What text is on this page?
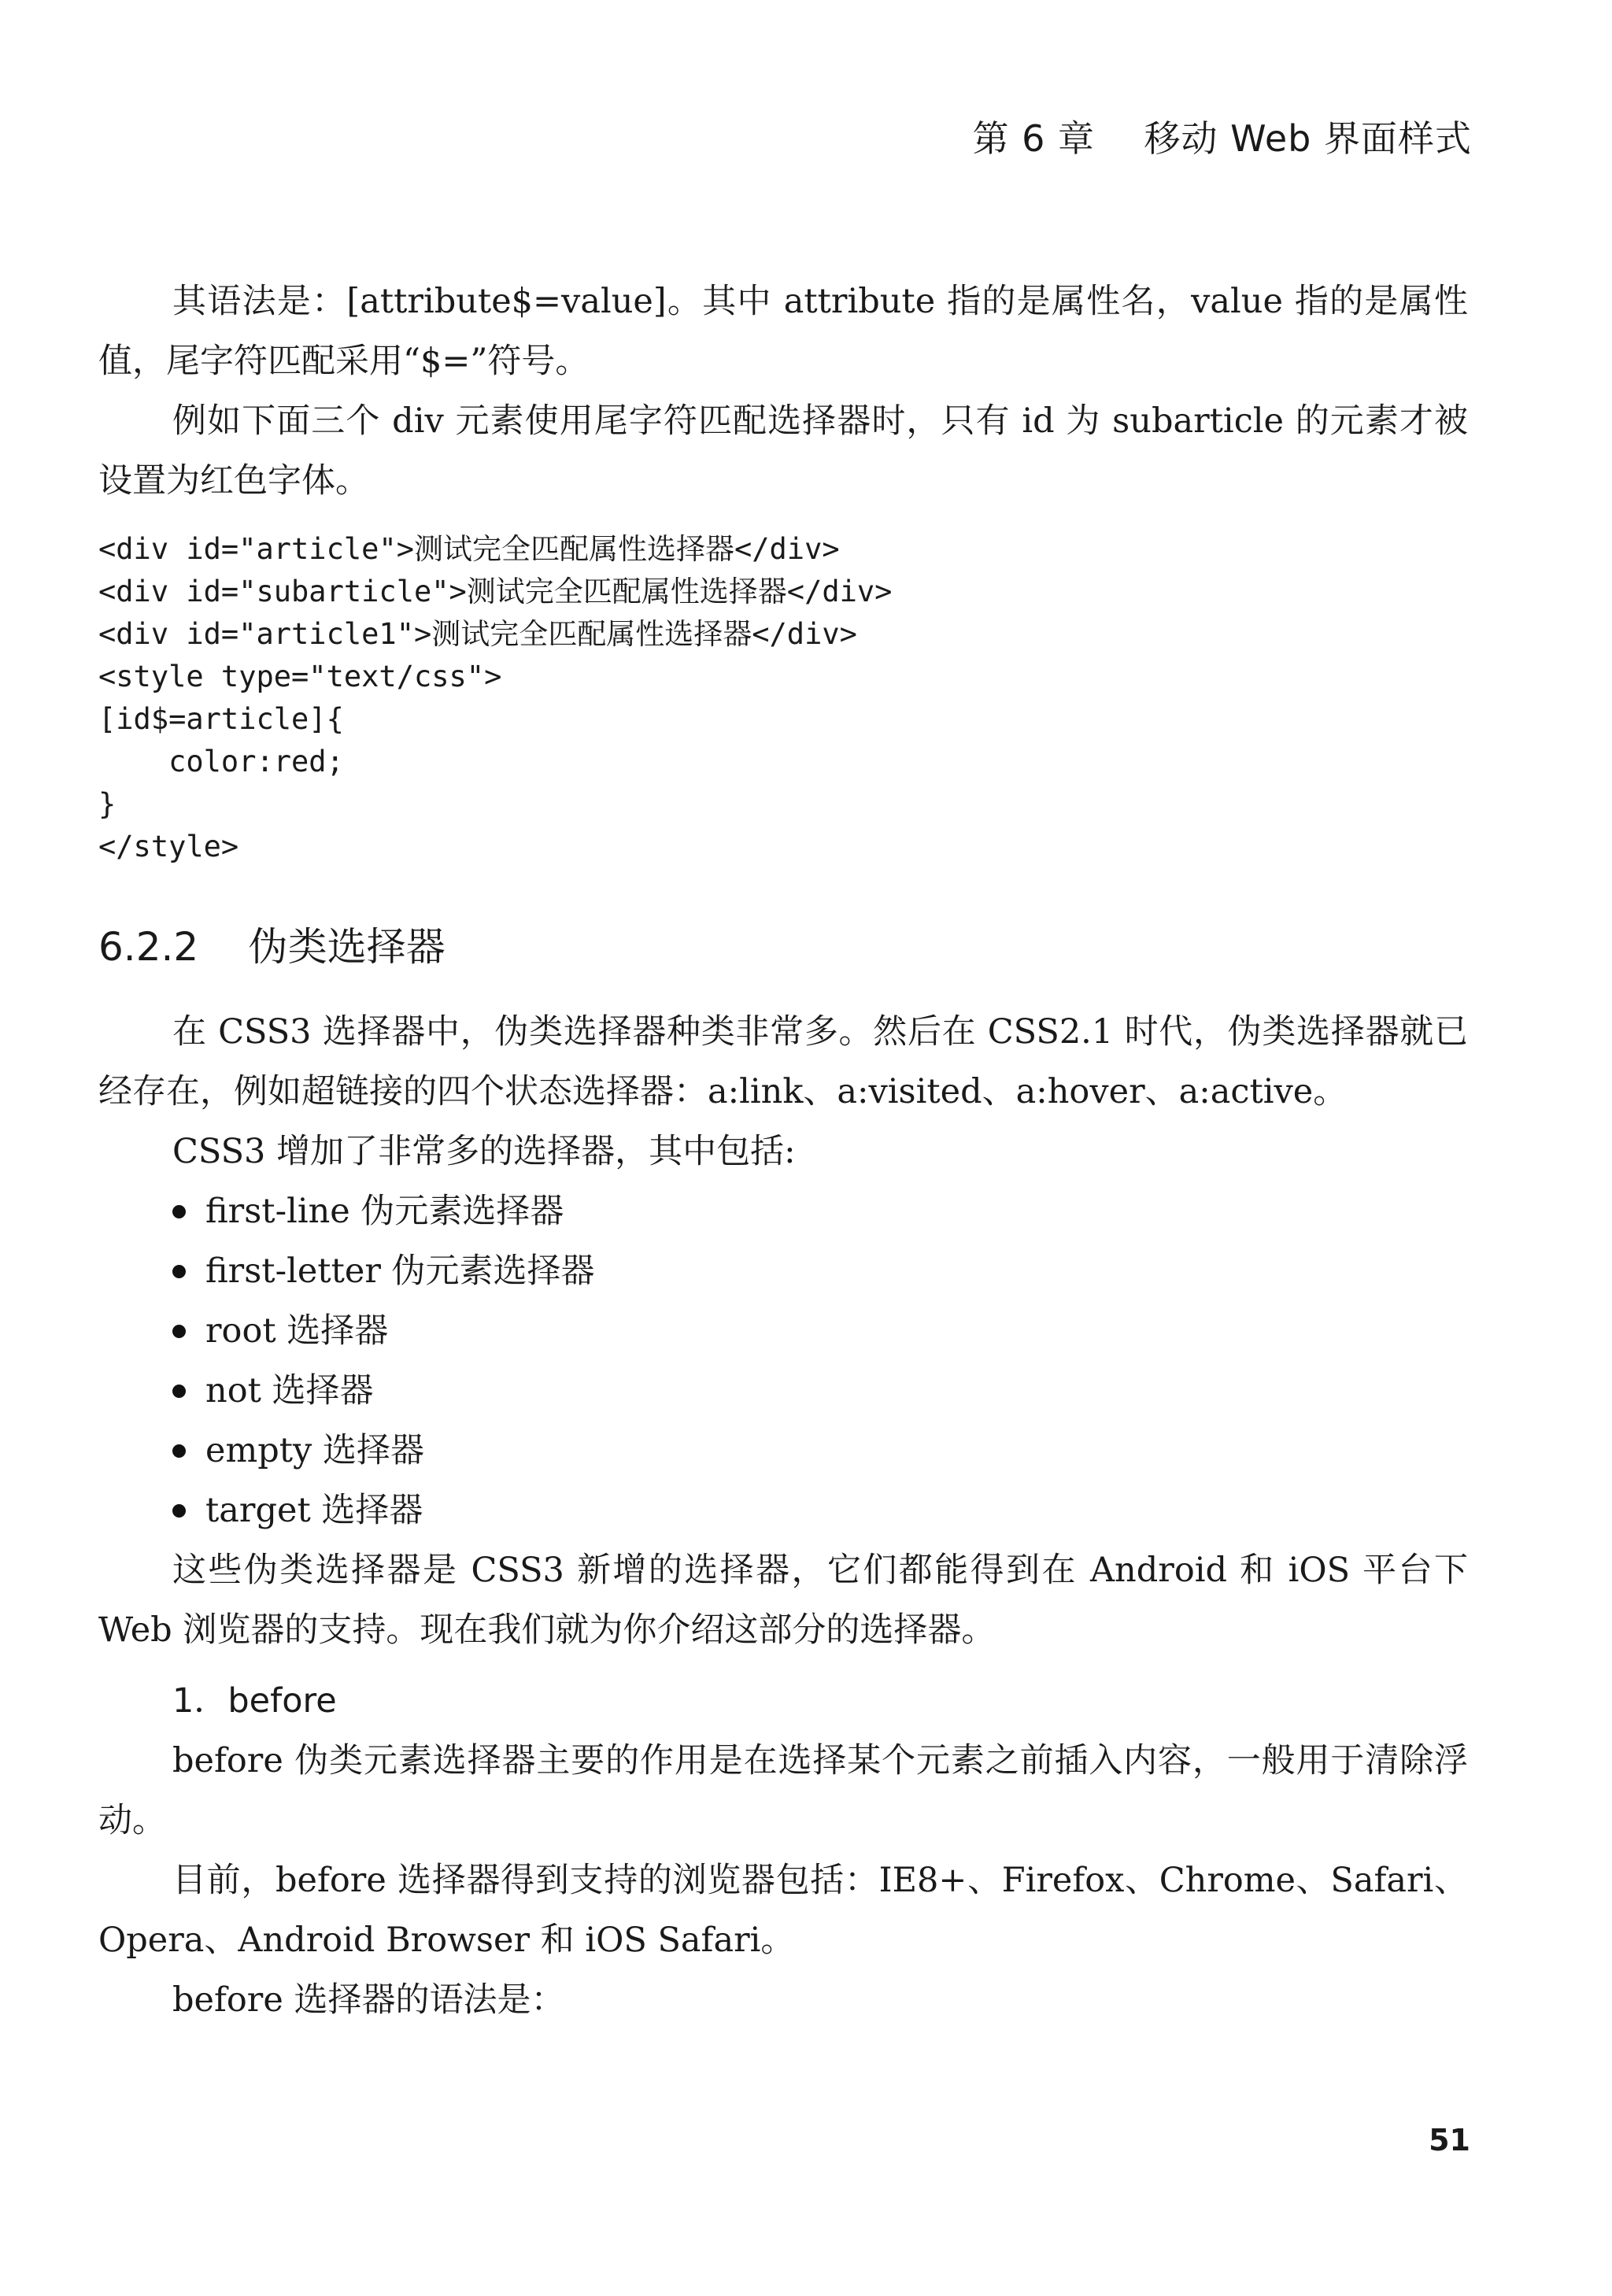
第 6 章    移动 Web 界面样式

其语法是：[attribute$=value]。其中 attribute 指的是属性名，value 指的是属性值，尾字符匹配采用“$=”符号。

例如下面三个 div 元素使用尾字符匹配选择器时，只有 id 为 subarticle 的元素才被设置为红色字体。

<div id="article">测试完全匹配属性选择器</div>
<div id="subarticle">测试完全匹配属性选择器</div>
<div id="article1">测试完全匹配属性选择器</div>
<style type="text/css">
[id$=article]{
color:red;
}
</style>
6.2.2    伪类选择器

在 CSS3 选择器中，伪类选择器种类非常多。然后在 CSS2.1 时代，伪类选择器就已经存在，例如超链接的四个状态选择器：a:link、a:visited、a:hover、a:active。

CSS3 增加了非常多的选择器，其中包括:

first-line 伪元素选择器
first-letter 伪元素选择器
root 选择器
not 选择器
empty 选择器
target 选择器

这些伪类选择器是 CSS3 新增的选择器，它们都能得到在 Android 和 iOS 平台下 Web 浏览器的支持。现在我们就为你介绍这部分的选择器。

1．before

before 伪类元素选择器主要的作用是在选择某个元素之前插入内容，一般用于清除浮动。

目前，before 选择器得到支持的浏览器包括：IE8+、Firefox、Chrome、Safari、Opera、Android Browser 和 iOS Safari。

before 选择器的语法是：

51
